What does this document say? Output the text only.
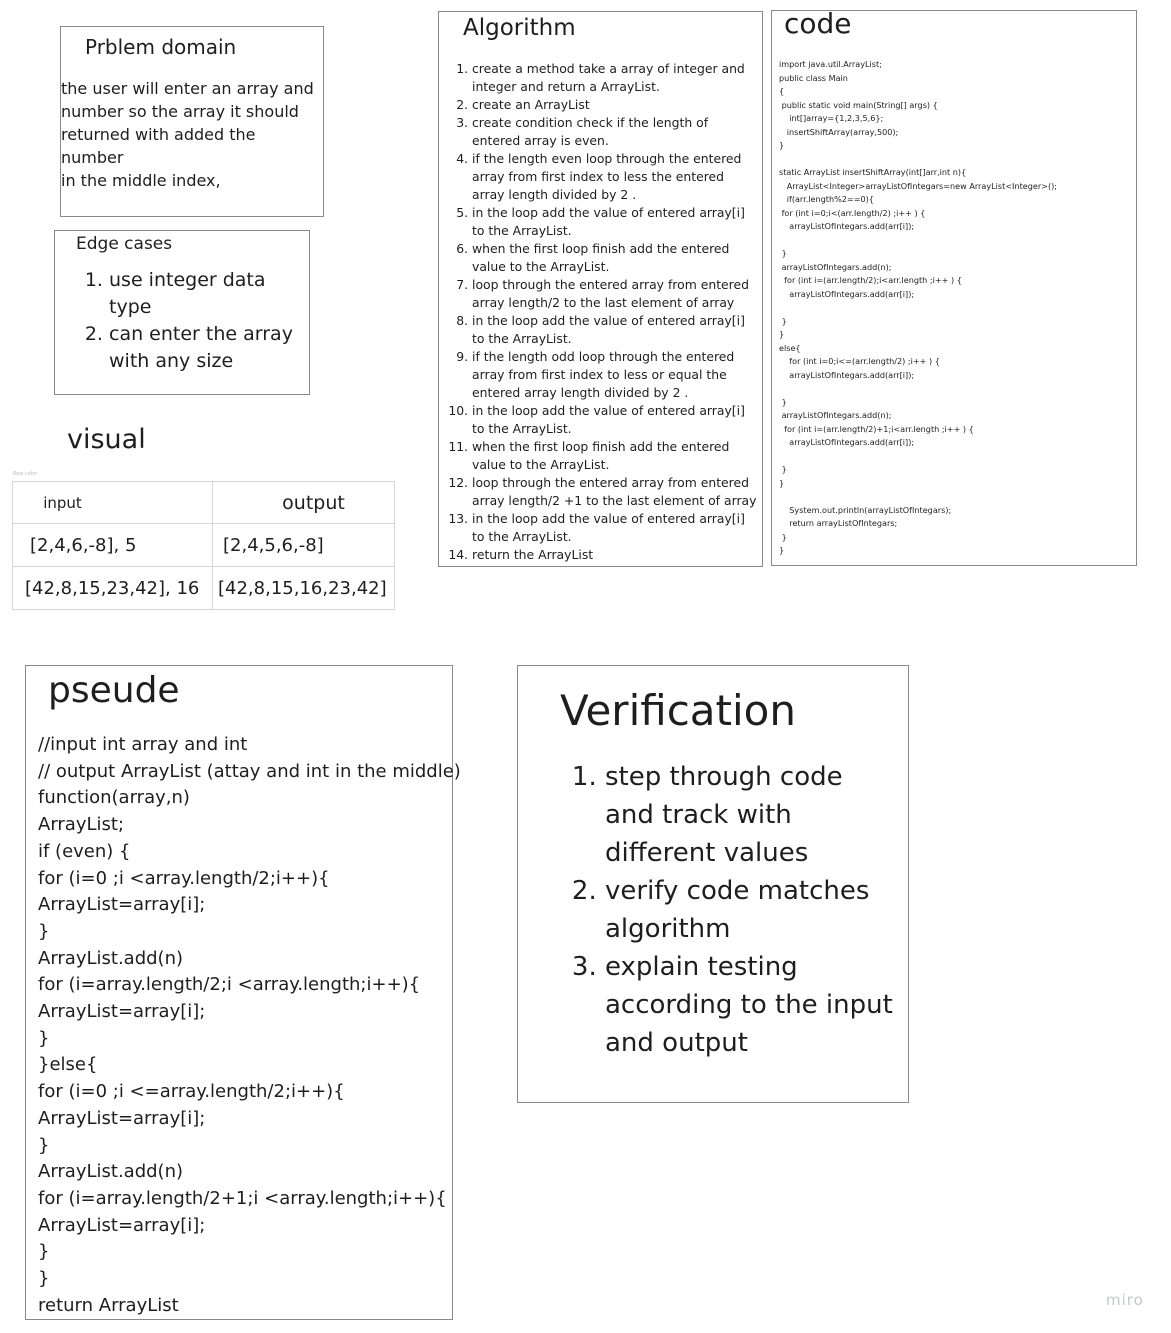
Prblem domain
the user will enter an array and
number so the array it should
returned with added the number
in the middle index,
Edge cases
1. use integer data type
2. can enter the array with any size
Row color
visual
input	output
[2,4,6,-8], 5	[2,4,5,6,-8]
[42,8,15,23,42], 16	[42,8,15,16,23,42]
Algorithm
1. create a method take a array of integer and integer and return a ArrayList.
2. create an ArrayList
3. create condition check if the length of entered array is even.
4. if the length even loop through the entered array from first index to less the entered array length divided by 2 .
5. in the loop add the value of entered array[i] to the ArrayList.
6. when the first loop finish add the entered value to the ArrayList.
7. loop through the entered array from entered array length/2 to the last element of array
8. in the loop add the value of entered array[i] to the ArrayList.
9. if the length odd loop through the entered array from first index to less or equal the entered array length divided by 2 .
10. in the loop add the value of entered array[i] to the ArrayList.
11. when the first loop finish add the entered value to the ArrayList.
12. loop through the entered array from entered array length/2 +1 to the last element of array
13. in the loop add the value of entered array[i] to the ArrayList.
14. return the ArrayList
code
import java.util.ArrayList;
public class Main
{
public static void main(String[] args) {
int[]array={1,2,3,5,6};
insertShiftArray(array,500);
}

static ArrayList insertShiftArray(int[]arr,int n){
ArrayList<Integer>arrayListOfIntegars=new ArrayList<Integer>();
if(arr.length%2==0){
for (int i=0;i<(arr.length/2) ;i++ ) {
arrayListOfIntegars.add(arr[i]);

}
arrayListOfIntegars.add(n);
for (int i=(arr.length/2);i<arr.length ;i++ ) {
arrayListOfIntegars.add(arr[i]);

}
}
else{
for (int i=0;i<=(arr.length/2) ;i++ ) {
arrayListOfIntegars.add(arr[i]);

}
arrayListOfIntegars.add(n);
for (int i=(arr.length/2)+1;i<arr.length ;i++ ) {
arrayListOfIntegars.add(arr[i]);

}
}

System.out.println(arrayListOfIntegars);
return arrayListOfIntegars;
}
}
pseude
//input int array and int
// output ArrayList (attay and int in the middle)
function(array,n)
ArrayList;
if (even) {
for (i=0 ;i <array.length/2;i++){
ArrayList=array[i];
}
ArrayList.add(n)
for (i=array.length/2;i <array.length;i++){
ArrayList=array[i];
}
}else{
for (i=0 ;i <=array.length/2;i++){
ArrayList=array[i];
}
ArrayList.add(n)
for (i=array.length/2+1;i <array.length;i++){
ArrayList=array[i];
}
}
return ArrayList
Verification
1. step through code and track with different values
2. verify code matches algorithm
3. explain testing according to the input and output
miro
